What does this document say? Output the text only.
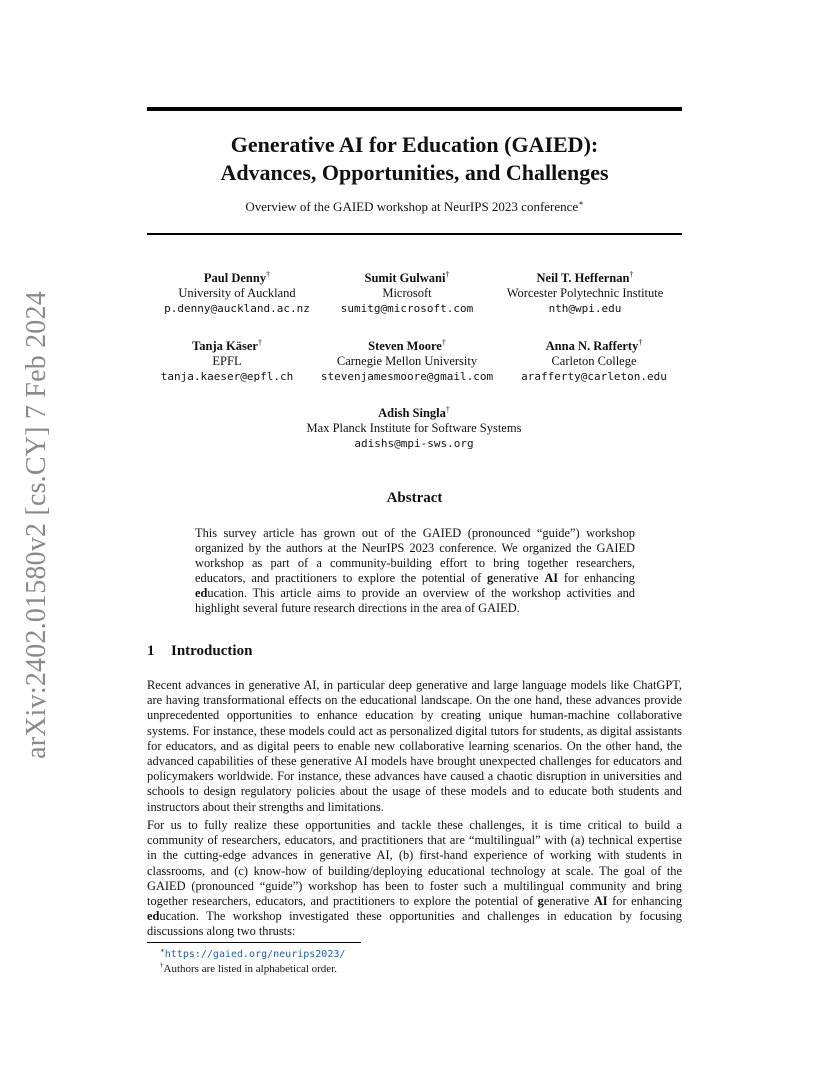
arXiv:2402.01580v2 [cs.CY] 7 Feb 2024
Generative AI for Education (GAIED):
Advances, Opportunities, and Challenges
Overview of the GAIED workshop at NeurIPS 2023 conference∗
Paul Denny†
University of Auckland
p.denny@auckland.ac.nz
Sumit Gulwani†
Microsoft
sumitg@microsoft.com
Neil T. Heffernan†
Worcester Polytechnic Institute
nth@wpi.edu
Tanja Käser†
EPFL
tanja.kaeser@epfl.ch
Steven Moore†
Carnegie Mellon University
stevenjamesmoore@gmail.com
Anna N. Rafferty†
Carleton College
arafferty@carleton.edu
Adish Singla†
Max Planck Institute for Software Systems
adishs@mpi-sws.org
Abstract
This survey article has grown out of the GAIED (pronounced “guide”) workshop organized by the authors at the NeurIPS 2023 conference. We organized the GAIED workshop as part of a community-building effort to bring together researchers, educators, and practitioners to explore the potential of generative AI for enhancing education. This article aims to provide an overview of the workshop activities and highlight several future research directions in the area of GAIED.
1 Introduction
Recent advances in generative AI, in particular deep generative and large language models like ChatGPT, are having transformational effects on the educational landscape. On the one hand, these advances provide unprecedented opportunities to enhance education by creating unique human-machine collaborative systems. For instance, these models could act as personalized digital tutors for students, as digital assistants for educators, and as digital peers to enable new collaborative learning scenarios. On the other hand, the advanced capabilities of these generative AI models have brought unexpected challenges for educators and policymakers worldwide. For instance, these advances have caused a chaotic disruption in universities and schools to design regulatory policies about the usage of these models and to educate both students and instructors about their strengths and limitations.
For us to fully realize these opportunities and tackle these challenges, it is time critical to build a community of researchers, educators, and practitioners that are “multilingual” with (a) technical expertise in the cutting-edge advances in generative AI, (b) first-hand experience of working with students in classrooms, and (c) know-how of building/deploying educational technology at scale. The goal of the GAIED (pronounced “guide”) workshop has been to foster such a multilingual community and bring together researchers, educators, and practitioners to explore the potential of generative AI for enhancing education. The workshop investigated these opportunities and challenges in education by focusing discussions along two thrusts:
∗https://gaied.org/neurips2023/
†Authors are listed in alphabetical order.
